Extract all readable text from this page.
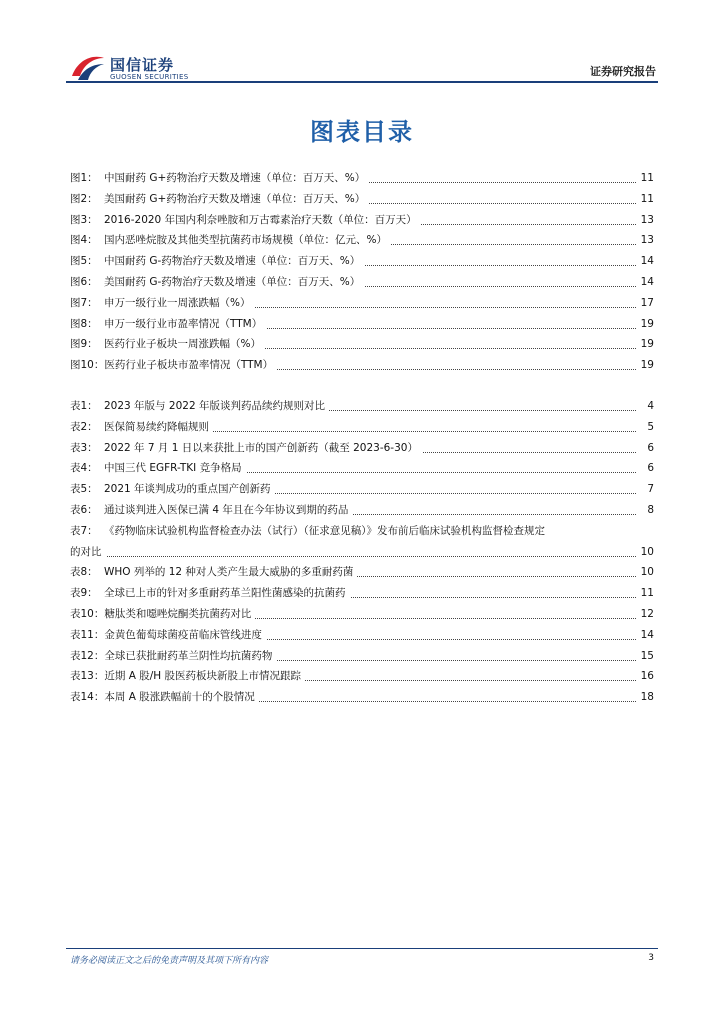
国信证券
GUOSEN SECURITIES	证券研究报告
图表目录
图1： 中国耐药 G+药物治疗天数及增速（单位：百万天、%）	11
图2： 美国耐药 G+药物治疗天数及增速（单位：百万天、%）	11
图3： 2016-2020 年国内利奈唑胺和万古霉素治疗天数（单位：百万天）	13
图4： 国内恶唑烷胺及其他类型抗菌药市场规模（单位：亿元、%）	13
图5： 中国耐药 G-药物治疗天数及增速（单位：百万天、%）	14
图6： 美国耐药 G-药物治疗天数及增速（单位：百万天、%）	14
图7： 申万一级行业一周涨跌幅（%）	17
图8： 申万一级行业市盈率情况（TTM）	19
图9： 医药行业子板块一周涨跌幅（%）	19
图10：医药行业子板块市盈率情况（TTM）	19
表1： 2023 年版与 2022 年版谈判药品续约规则对比	4
表2： 医保简易续约降幅规则	5
表3： 2022 年 7 月 1 日以来获批上市的国产创新药（截至 2023-6-30）	6
表4： 中国三代 EGFR-TKI 竞争格局	6
表5： 2021 年谈判成功的重点国产创新药	7
表6： 通过谈判进入医保已满 4 年且在今年协议到期的药品	8
表7： 《药物临床试验机构监督检查办法（试行）（征求意见稿）》发布前后临床试验机构监督检查规定
的对比	10
表8： WHO 列举的 12 种对人类产生最大威胁的多重耐药菌	10
表9： 全球已上市的针对多重耐药革兰阳性菌感染的抗菌药	11
表10：糖肽类和噁唑烷酮类抗菌药对比	12
表11：金黄色葡萄球菌疫苗临床管线进度	14
表12：全球已获批耐药革兰阴性均抗菌药物	15
表13：近期 A 股/H 股医药板块新股上市情况跟踪	16
表14：本周 A 股涨跌幅前十的个股情况	18
请务必阅读正文之后的免责声明及其项下所有内容	3
